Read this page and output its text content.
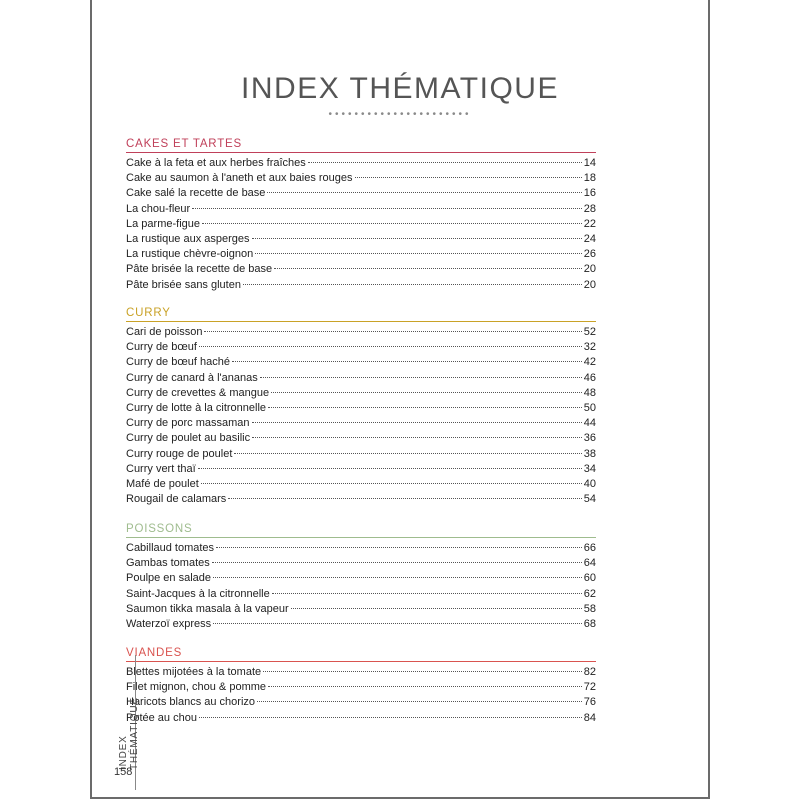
INDEX THÉMATIQUE
••••••••••••••••••••••
CAKES ET TARTES
Cake à la feta et aux herbes fraîches	14
Cake au saumon à l'aneth et aux baies rouges	18
Cake salé la recette de base	16
La chou-fleur	28
La parme-figue	22
La rustique aux asperges	24
La rustique chèvre-oignon	26
Pâte brisée la recette de base	20
Pâte brisée sans gluten	20
CURRY
Cari de poisson	52
Curry de bœuf	32
Curry de bœuf haché	42
Curry de canard à l'ananas	46
Curry de crevettes & mangue	48
Curry de lotte à la citronnelle	50
Curry de porc massaman	44
Curry de poulet au basilic	36
Curry rouge de poulet	38
Curry vert thaï	34
Mafé de poulet	40
Rougail de calamars	54
POISSONS
Cabillaud tomates	66
Gambas tomates	64
Poulpe en salade	60
Saint-Jacques à la citronnelle	62
Saumon tikka masala à la vapeur	58
Waterzoï express	68
VIANDES
Blettes mijotées à la tomate	82
Filet mignon, chou & pomme	72
Haricots blancs au chorizo	76
Potée au chou	84
INDEX THÉMATIQUE
158
